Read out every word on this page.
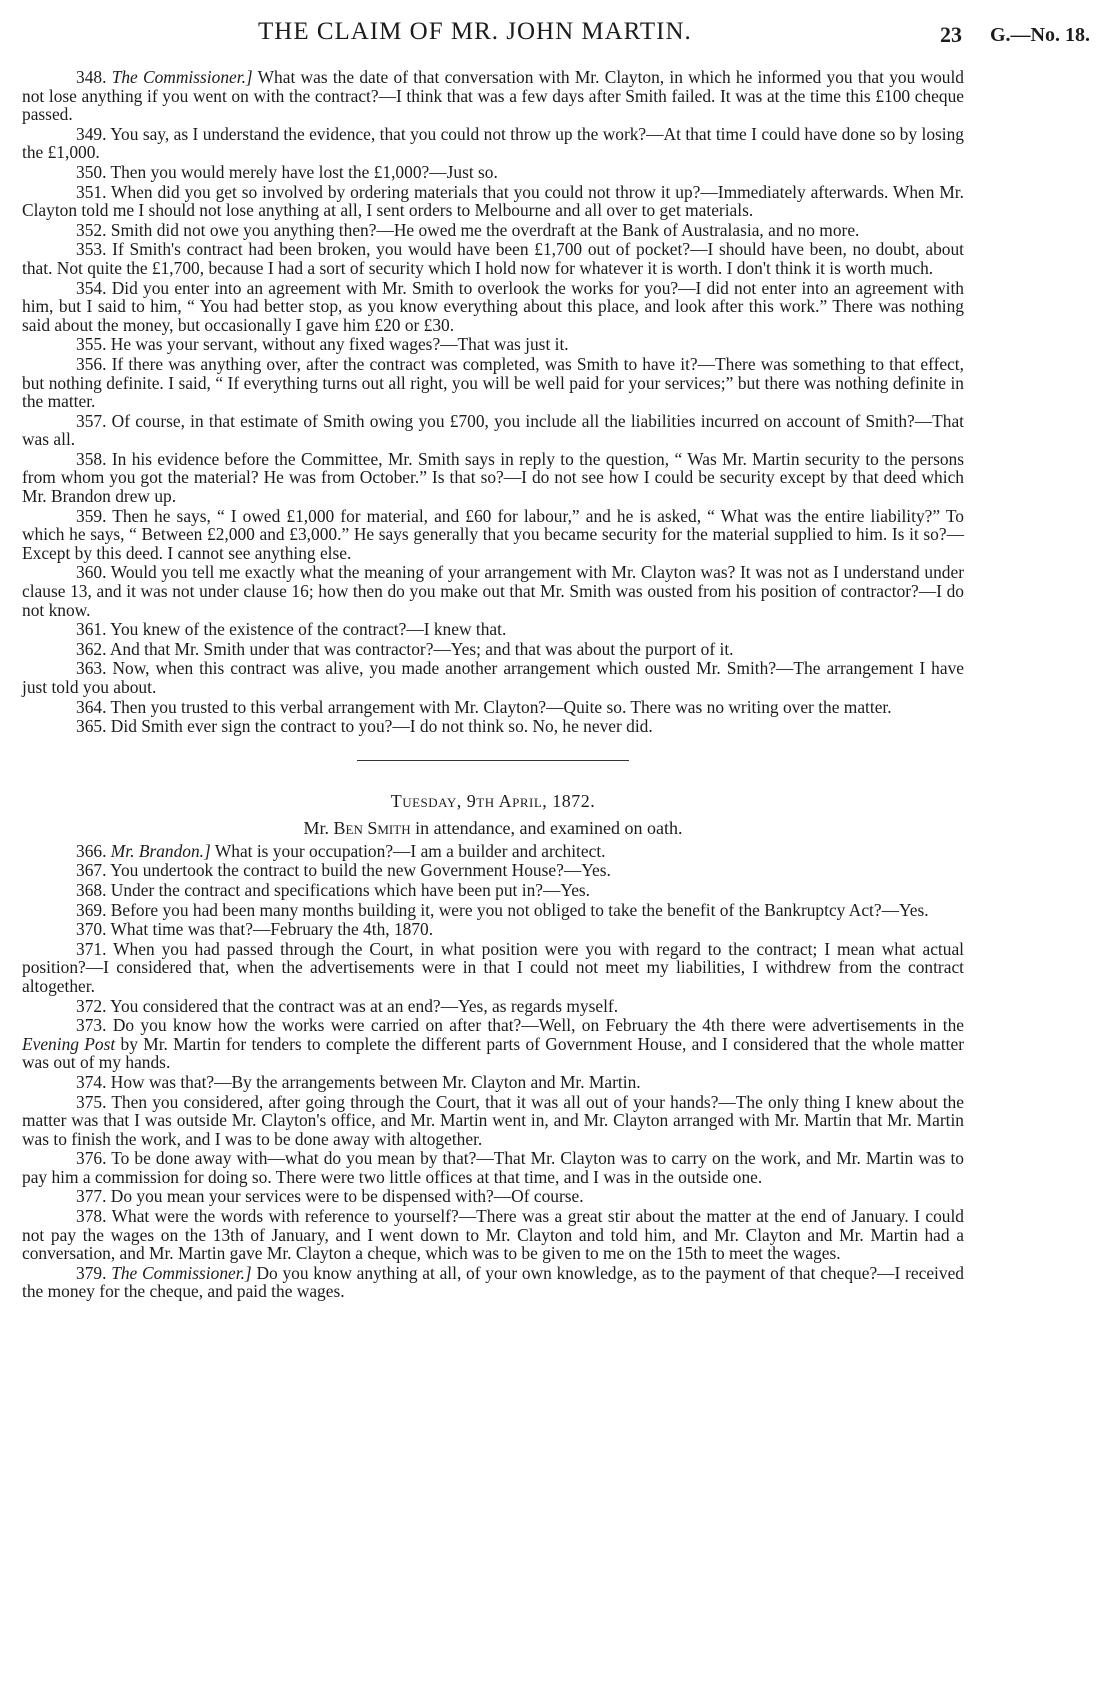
THE CLAIM OF MR. JOHN MARTIN.	23 G.—No. 18.

348. The Commissioner.] What was the date of that conversation with Mr. Clayton, in which he informed you that you would not lose anything if you went on with the contract?—I think that was a few days after Smith failed. It was at the time this £100 cheque passed.

349. You say, as I understand the evidence, that you could not throw up the work?—At that time I could have done so by losing the £1,000.

350. Then you would merely have lost the £1,000?—Just so.

351. When did you get so involved by ordering materials that you could not throw it up?—Immediately afterwards. When Mr. Clayton told me I should not lose anything at all, I sent orders to Melbourne and all over to get materials.

352. Smith did not owe you anything then?—He owed me the overdraft at the Bank of Australasia, and no more.

353. If Smith's contract had been broken, you would have been £1,700 out of pocket?—I should have been, no doubt, about that. Not quite the £1,700, because I had a sort of security which I hold now for whatever it is worth. I don't think it is worth much.

354. Did you enter into an agreement with Mr. Smith to overlook the works for you?—I did not enter into an agreement with him, but I said to him, “ You had better stop, as you know everything about this place, and look after this work.” There was nothing said about the money, but occasionally I gave him £20 or £30.

355. He was your servant, without any fixed wages?—That was just it.

356. If there was anything over, after the contract was completed, was Smith to have it?—There was something to that effect, but nothing definite. I said, “ If everything turns out all right, you will be well paid for your services;” but there was nothing definite in the matter.

357. Of course, in that estimate of Smith owing you £700, you include all the liabilities incurred on account of Smith?—That was all.

358. In his evidence before the Committee, Mr. Smith says in reply to the question, “ Was Mr. Martin security to the persons from whom you got the material? He was from October.” Is that so?—I do not see how I could be security except by that deed which Mr. Brandon drew up.

359. Then he says, “ I owed £1,000 for material, and £60 for labour,” and he is asked, “ What was the entire liability?” To which he says, “ Between £2,000 and £3,000.” He says generally that you became security for the material supplied to him. Is it so?—Except by this deed. I cannot see anything else.

360. Would you tell me exactly what the meaning of your arrangement with Mr. Clayton was? It was not as I understand under clause 13, and it was not under clause 16; how then do you make out that Mr. Smith was ousted from his position of contractor?—I do not know.

361. You knew of the existence of the contract?—I knew that.

362. And that Mr. Smith under that was contractor?—Yes; and that was about the purport of it.

363. Now, when this contract was alive, you made another arrangement which ousted Mr. Smith?—The arrangement I have just told you about.

364. Then you trusted to this verbal arrangement with Mr. Clayton?—Quite so. There was no writing over the matter.

365. Did Smith ever sign the contract to you?—I do not think so. No, he never did.

Tuesday, 9th April, 1872.

Mr. Ben Smith in attendance, and examined on oath.

366. Mr. Brandon.] What is your occupation?—I am a builder and architect.

367. You undertook the contract to build the new Government House?—Yes.

368. Under the contract and specifications which have been put in?—Yes.

369. Before you had been many months building it, were you not obliged to take the benefit of the Bankruptcy Act?—Yes.

370. What time was that?—February the 4th, 1870.

371. When you had passed through the Court, in what position were you with regard to the contract; I mean what actual position?—I considered that, when the advertisements were in that I could not meet my liabilities, I withdrew from the contract altogether.

372. You considered that the contract was at an end?—Yes, as regards myself.

373. Do you know how the works were carried on after that?—Well, on February the 4th there were advertisements in the Evening Post by Mr. Martin for tenders to complete the different parts of Government House, and I considered that the whole matter was out of my hands.

374. How was that?—By the arrangements between Mr. Clayton and Mr. Martin.

375. Then you considered, after going through the Court, that it was all out of your hands?—The only thing I knew about the matter was that I was outside Mr. Clayton's office, and Mr. Martin went in, and Mr. Clayton arranged with Mr. Martin that Mr. Martin was to finish the work, and I was to be done away with altogether.

376. To be done away with—what do you mean by that?—That Mr. Clayton was to carry on the work, and Mr. Martin was to pay him a commission for doing so. There were two little offices at that time, and I was in the outside one.

377. Do you mean your services were to be dispensed with?—Of course.

378. What were the words with reference to yourself?—There was a great stir about the matter at the end of January. I could not pay the wages on the 13th of January, and I went down to Mr. Clayton and told him, and Mr. Clayton and Mr. Martin had a conversation, and Mr. Martin gave Mr. Clayton a cheque, which was to be given to me on the 15th to meet the wages.

379. The Commissioner.] Do you know anything at all, of your own knowledge, as to the payment of that cheque?—I received the money for the cheque, and paid the wages.
